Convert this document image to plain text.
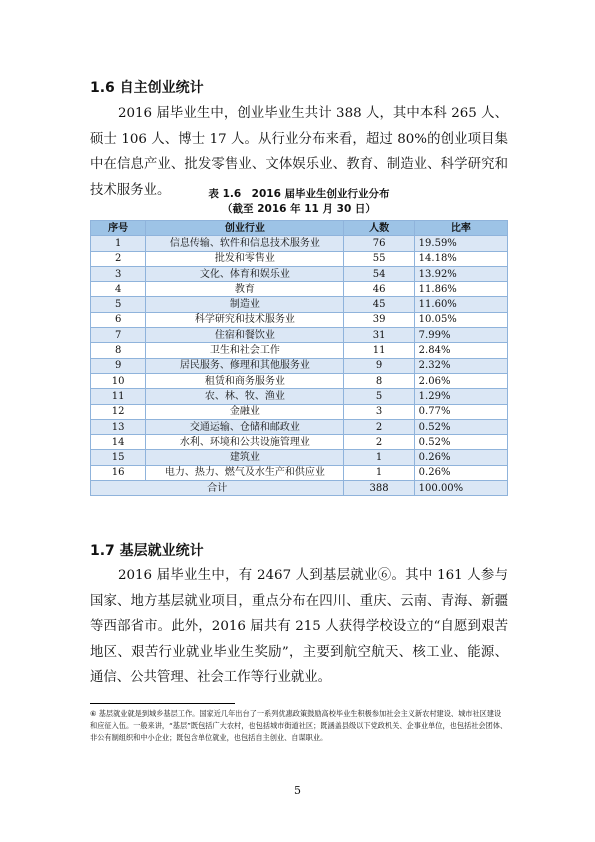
1.6 自主创业统计
2016 届毕业生中，创业毕业生共计 388 人，其中本科 265 人、硕士 106 人、博士 17 人。从行业分布来看，超过 80%的创业项目集中在信息产业、批发零售业、文体娱乐业、教育、制造业、科学研究和技术服务业。	表 1.6　2016 届毕业生创业行业分布
（截至 2016 年 11 月 30 日）
序号	创业行业	人数	比率
1	信息传输、软件和信息技术服务业	76	19.59%
2	批发和零售业	55	14.18%
3	文化、体育和娱乐业	54	13.92%
4	教育	46	11.86%
5	制造业	45	11.60%
6	科学研究和技术服务业	39	10.05%
7	住宿和餐饮业	31	7.99%
8	卫生和社会工作	11	2.84%
9	居民服务、修理和其他服务业	9	2.32%
10	租赁和商务服务业	8	2.06%
11	农、林、牧、渔业	5	1.29%
12	金融业	3	0.77%
13	交通运输、仓储和邮政业	2	0.52%
14	水利、环境和公共设施管理业	2	0.52%
15	建筑业	1	0.26%
16	电力、热力、燃气及水生产和供应业	1	0.26%
合计		388	100.00%
1.7 基层就业统计
2016 届毕业生中，有 2467 人到基层就业⑥。其中 161 人参与国家、地方基层就业项目，重点分布在四川、重庆、云南、青海、新疆等西部省市。此外，2016 届共有 215 人获得学校设立的“自愿到艰苦地区、艰苦行业就业毕业生奖励”，主要到航空航天、核工业、能源、通信、公共管理、社会工作等行业就业。
⑥ 基层就业就是到城乡基层工作。国家近几年出台了一系列优惠政策鼓励高校毕业生积极参加社会主义新农村建设、城市社区建设和应征入伍。一般来讲，“基层”既包括广大农村，也包括城市街道社区；既涵盖县级以下党政机关、企事业单位，也包括社会团体、非公有制组织和中小企业；既包含单位就业，也包括自主创业、自谋职业。
5
